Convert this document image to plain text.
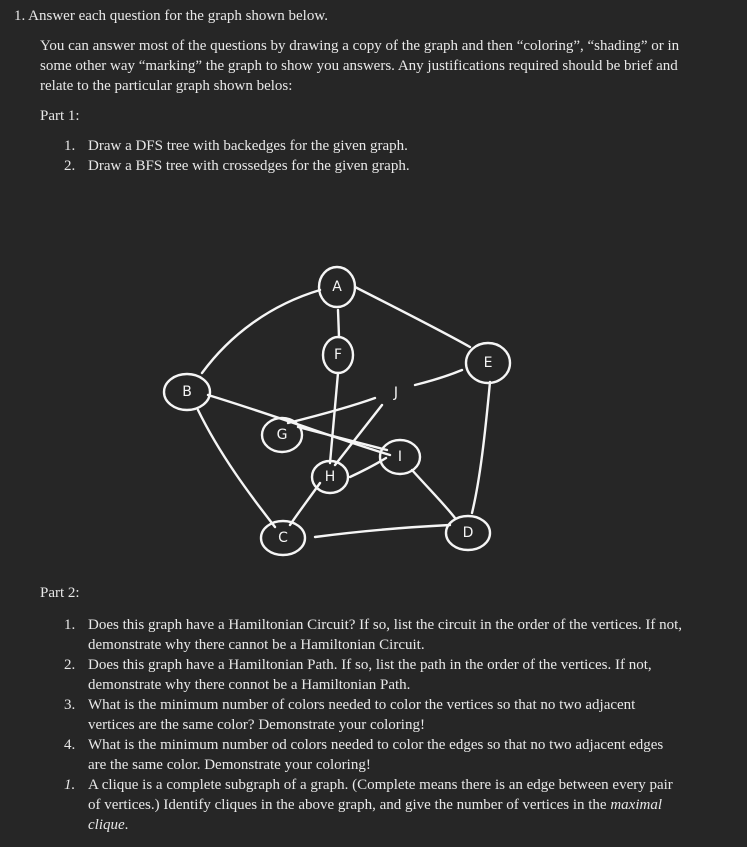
1. Answer each question for the graph shown below.
You can answer most of the questions by drawing a copy of the graph and then “coloring”, “shading” or in some other way “marking” the graph to show you answers. Any justifications required should be brief and relate to the particular graph shown belos:
Part 1:
1. Draw a DFS tree with backedges for the given graph.
2. Draw a BFS tree with crossedges for the given graph.
A
B
C	D
E
F
G
H
I
J
Part 2:
1. Does this graph have a Hamiltonian Circuit? If so, list the circuit in the order of the vertices. If not, demonstrate why there cannot be a Hamiltonian Circuit.
2. Does this graph have a Hamiltonian Path. If so, list the path in the order of the vertices. If not, demonstrate why there connot be a Hamiltonian Path.
3. What is the minimum number of colors needed to color the vertices so that no two adjacent vertices are the same color? Demonstrate your coloring!
4. What is the minimum number od colors needed to color the edges so that no two adjacent edges are the same color. Demonstrate your coloring!
1. A clique is a complete subgraph of a graph. (Complete means there is an edge between every pair of vertices.) Identify cliques in the above graph, and give the number of vertices in the maximal clique.
